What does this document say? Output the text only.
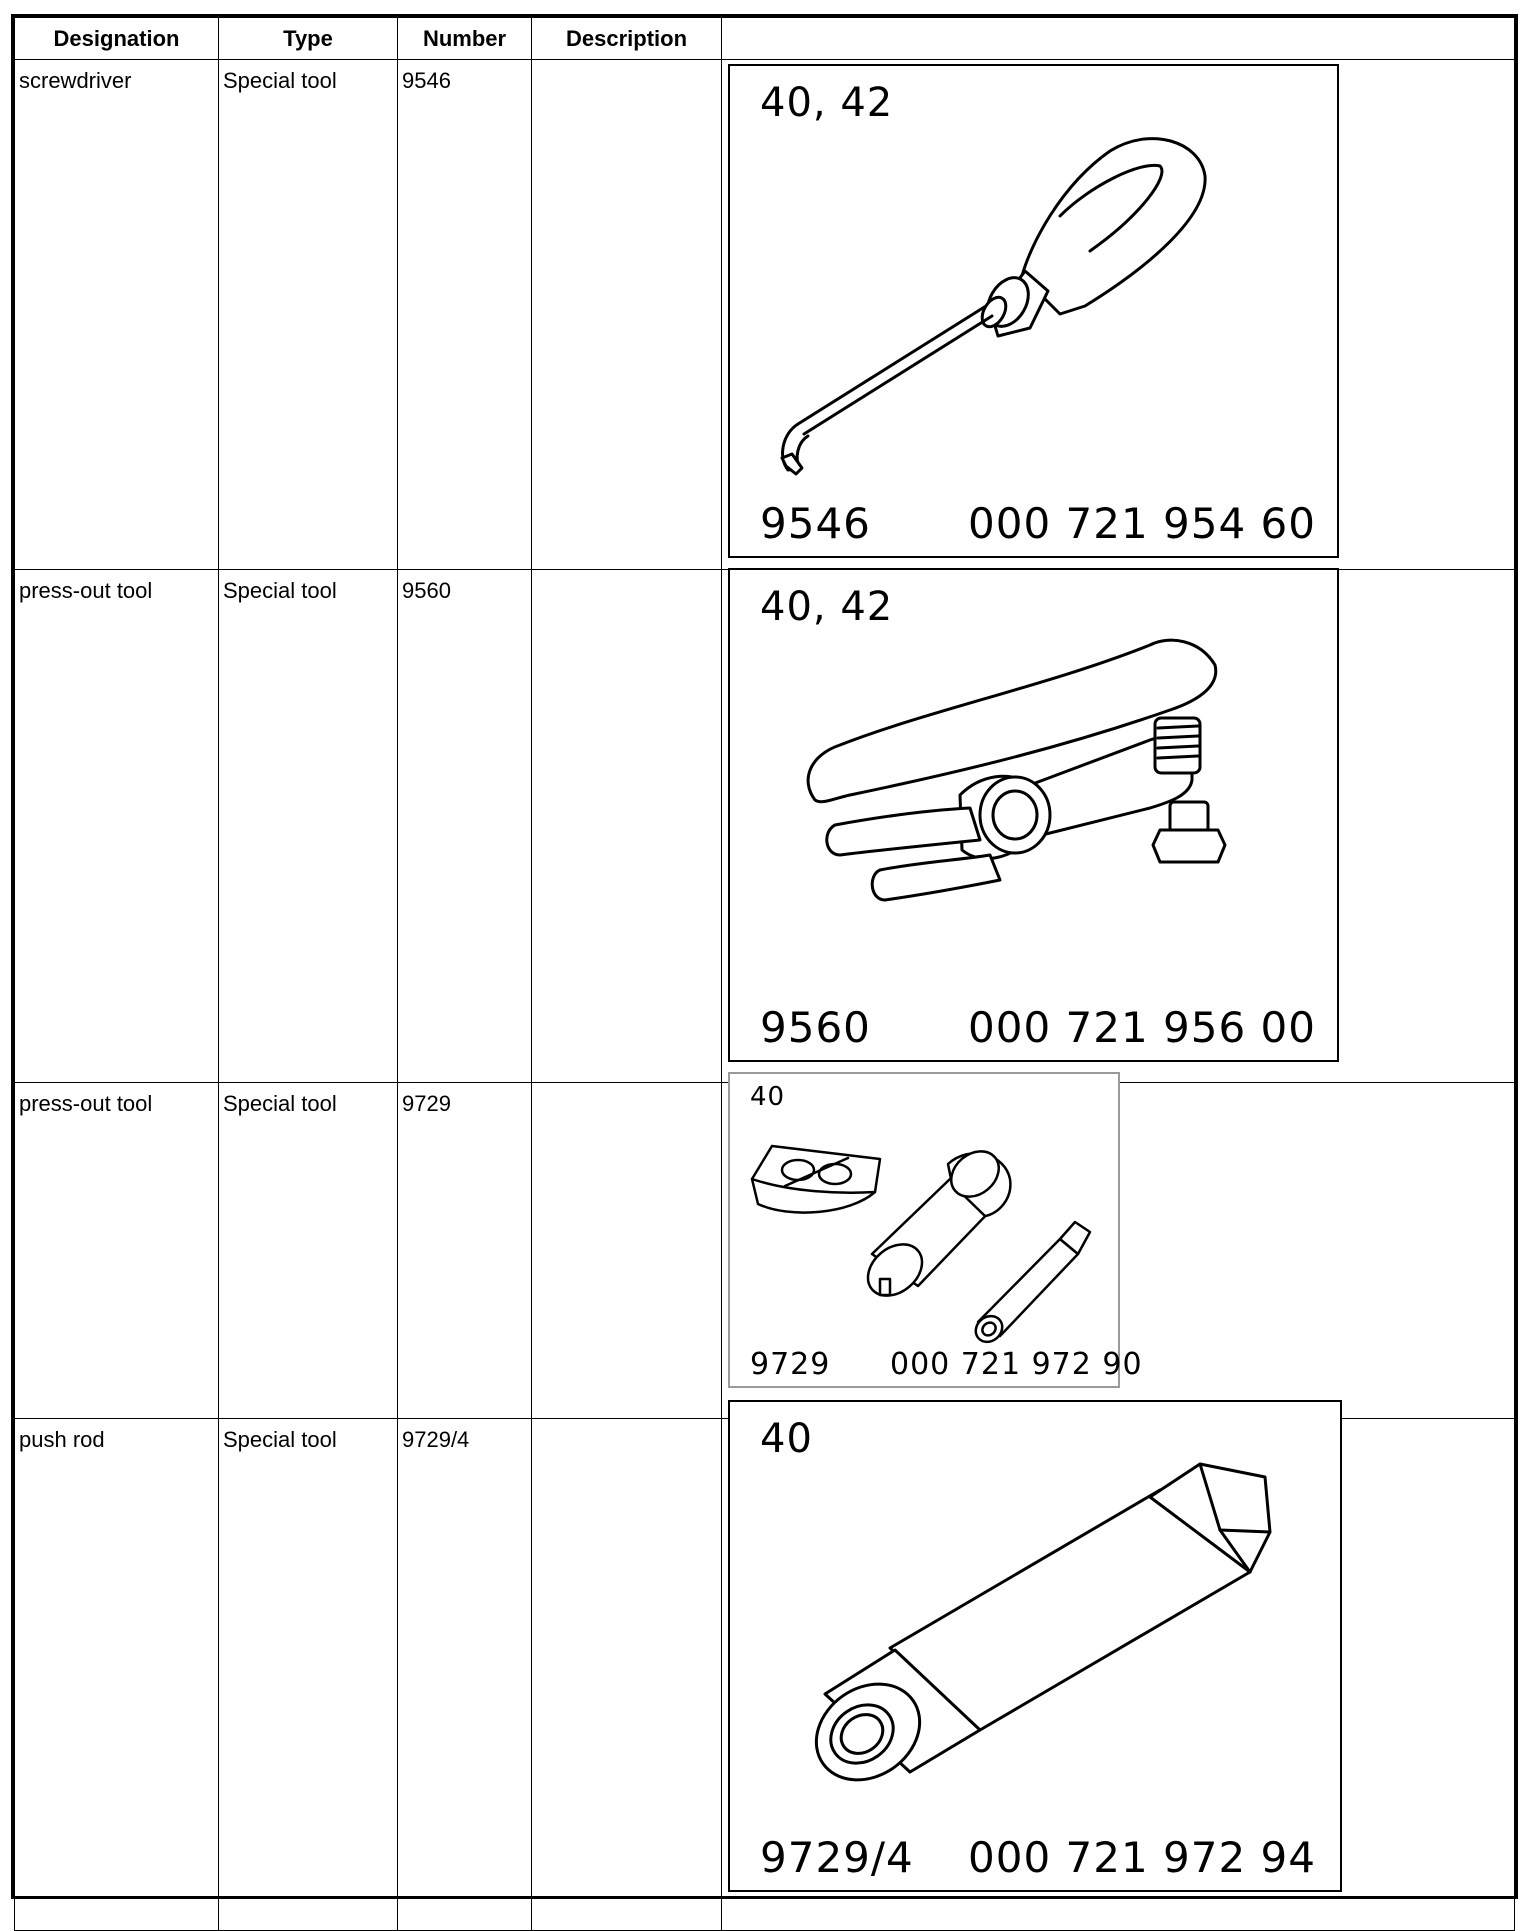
Designation	Type	Number	Description	
screwdriver	Special tool	9546		
press-out tool	Special tool	9560		
press-out tool	Special tool	9729		
push rod	Special tool	9729/4		
40, 42
9546 000 721 954 60
40, 42
9560 000 721 956 00
40
9729 000 721 972 90
40
9729/4 000 721 972 94
